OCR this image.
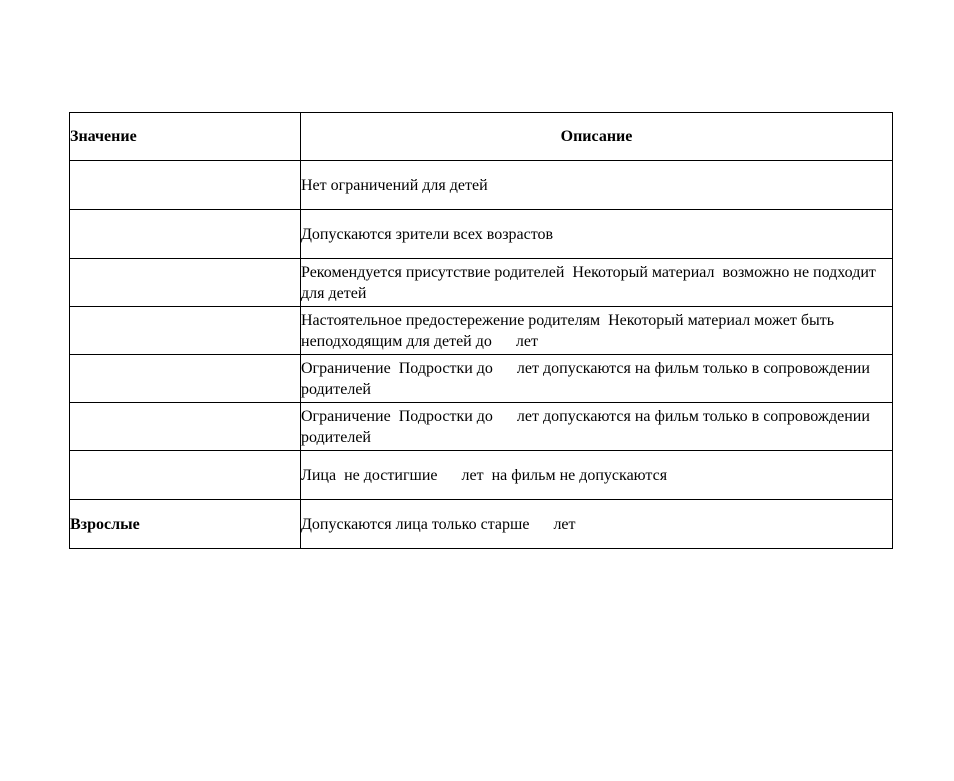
Значение	Описание
	Нет ограничений для детей
	Допускаются зрители всех возрастов
	Рекомендуется присутствие родителей  Некоторый материал  возможно не подходит для детей
	Настоятельное предостережение родителям  Некоторый материал может быть неподходящим для детей до      лет
	Ограничение  Подростки до      лет допускаются на фильм только в сопровождении родителей
	Ограничение  Подростки до      лет допускаются на фильм только в сопровождении родителей
	Лица  не достигшие      лет  на фильм не допускаются
Взрослые	Допускаются лица только старше      лет
